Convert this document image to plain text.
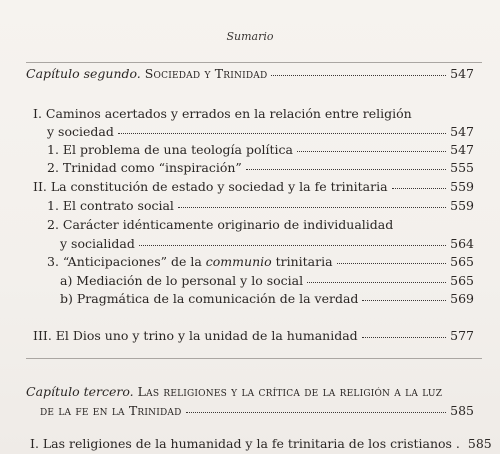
Sumario
Capítulo segundo. Sociedad y Trinidad	547
I. Caminos acertados y errados en la relación entre religión
y sociedad	547
1. El problema de una teología política	547
2. Trinidad como “inspiración”	555
II. La constitución de estado y sociedad y la fe trinitaria	559
1. El contrato social	559
2. Carácter idénticamente originario de individualidad
y socialidad	564
3. “Anticipaciones” de la communio trinitaria	565
a) Mediación de lo personal y lo social	565
b) Pragmática de la comunicación de la verdad	569
III. El Dios uno y trino y la unidad de la humanidad	577
Capítulo tercero. Las religiones y la crítica de la religión a la luz
de la fe en la Trinidad	585
I. Las religiones de la humanidad y la fe trinitaria de los cristianos . 585
